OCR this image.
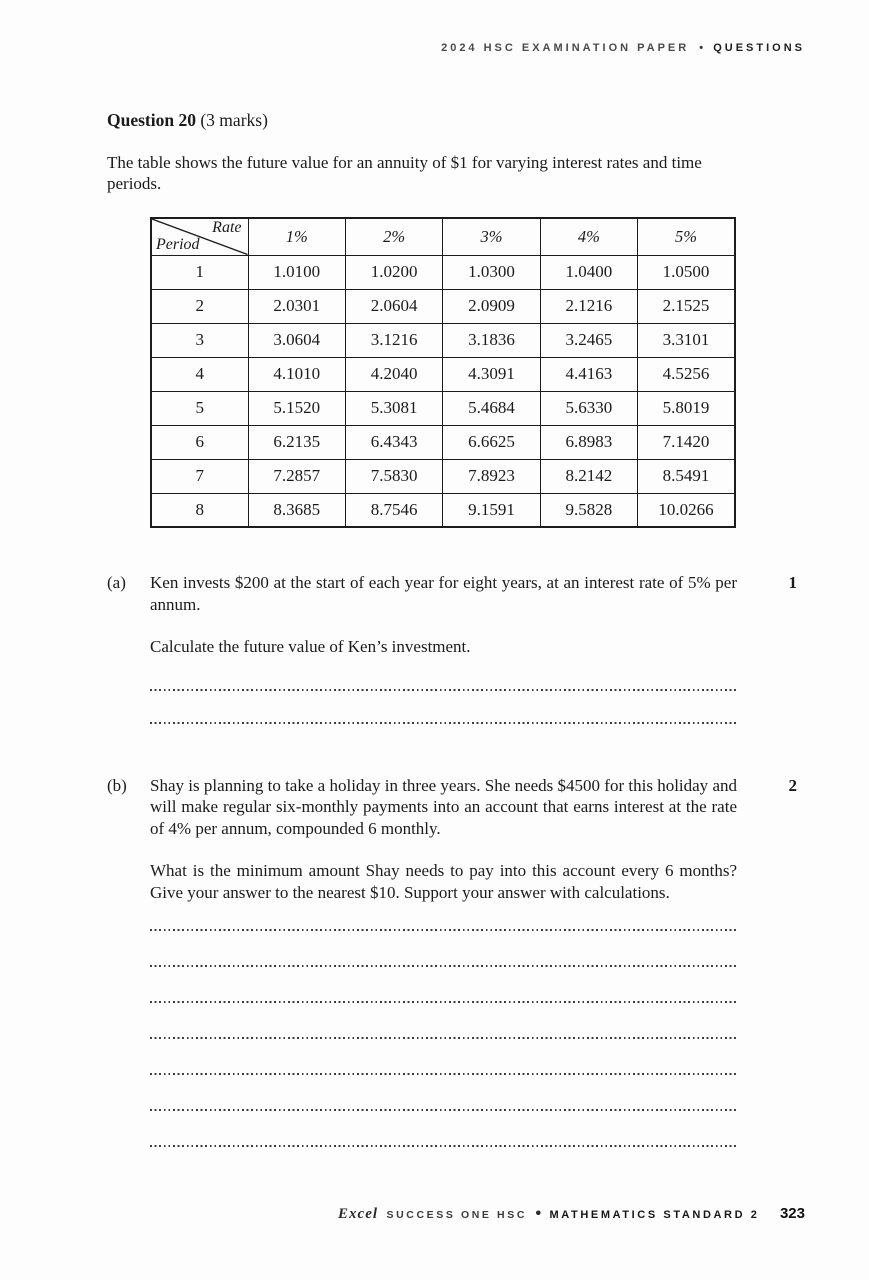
2024 HSC EXAMINATION PAPER • QUESTIONS
Question 20 (3 marks)

The table shows the future value for an annuity of $1 for varying interest rates and time periods.

Rate
Period	1%	2%	3%	4%	5%
1	1.0100	1.0200	1.0300	1.0400	1.0500
2	2.0301	2.0604	2.0909	2.1216	2.1525
3	3.0604	3.1216	3.1836	3.2465	3.3101
4	4.1010	4.2040	4.3091	4.4163	4.5256
5	5.1520	5.3081	5.4684	5.6330	5.8019
6	6.2135	6.4343	6.6625	6.8983	7.1420
7	7.2857	7.5830	7.8923	8.2142	8.5491
8	8.3685	8.7546	9.1591	9.5828	10.0266
(a)	Ken invests $200 at the start of each year for eight years, at an interest rate of 5% per annum.

Calculate the future value of Ken’s investment.

1
(b)	Shay is planning to take a holiday in three years. She needs $4500 for this holiday and will make regular six-monthly payments into an account that earns interest at the rate of 4% per annum, compounded 6 monthly.

What is the minimum amount Shay needs to pay into this account every 6 months? Give your answer to the nearest $10. Support your answer with calculations.

2
Excel SUCCESS ONE HSC • MATHEMATICS STANDARD 2 323
